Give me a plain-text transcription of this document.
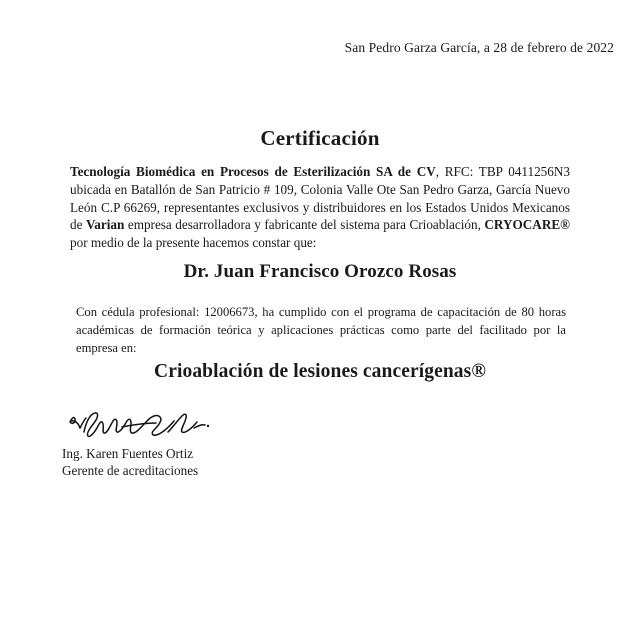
San Pedro Garza García, a 28 de febrero de 2022
Certificación
Tecnología Biomédica en Procesos de Esterilización SA de CV, RFC: TBP 0411256N3 ubicada en Batallón de San Patricio # 109, Colonia Valle Ote San Pedro Garza, García Nuevo León C.P 66269, representantes exclusivos y distribuidores en los Estados Unidos Mexicanos de Varian empresa desarrolladora y fabricante del sistema para Crioablación, CRYOCARE® por medio de la presente hacemos constar que:
Dr. Juan Francisco Orozco Rosas
Con cédula profesional: 12006673, ha cumplido con el programa de capacitación de 80 horas académicas de formación teórica y aplicaciones prácticas como parte del facilitado por la empresa en:
Crioablación de lesiones cancerígenas®
Ing. Karen Fuentes Ortiz
Gerente de acreditaciones
